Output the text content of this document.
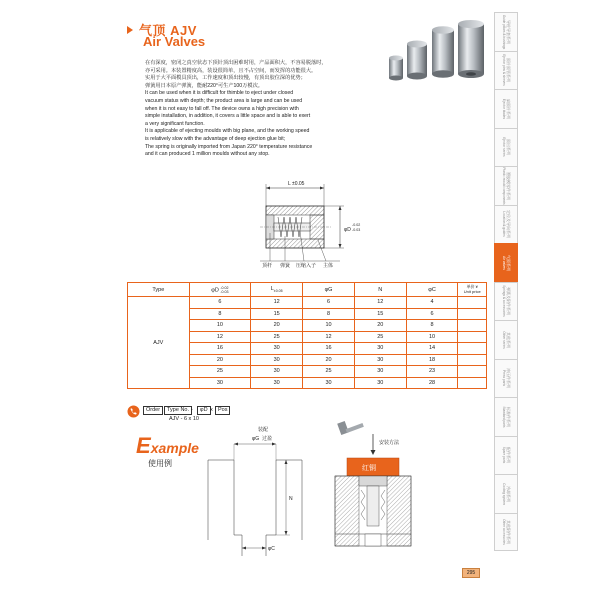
气顶 AJV
Air Valves

在有深度，密闭之真空状态下顶针顶出困难时用，产品面积大，不容易脱落时，
亦可采用。本装置精度高，装设很简单，且不占空间，而发挥的功能很大。
实用于大平面模具顶出，工作速度和顶出较慢，有顶出胶位深的优势；
弹簧用日本原产弹簧，能耐220°可生产100万模次。

It can be used when it is difficult for thimble to eject under closed
vacuum status with depth; the product area is large and can be used
when it is not easy to fall off. The device owns a high precision with
simple installation, in addition, it covers a little space and is able to exert
a very significant function.

It is applicable of ejecting moulds with big plane, and the working speed
is relatively slow with the advantage of deep ejection glue bit;
The spring is originally imported from Japan 220° temperature resistance
and it can produced 1 million moulds without any stop.

导柱导套系列
Guide pillars & bushings
顶针顶管系列
Ejector pins & sleeves
扁顶针系列
Ejector blades
顶出系列
Ejector series
塑胶模零件系列
Plastic mould components
定位及导向系列
Location & guides
气顶系列
Air valves
弹簧及附件系列
Springs & accessories
其他系列
Other series
冲压件系列
Press parts
标准件系列
Standard parts
配件系列
Spare parts
冷却系列
Cooling system
其他附件系列
Other accessories
L ±0.05
φD
-0.02
-0.03
顶杆 弹簧 压缩入子 主体
Type	φD -0.02
-0.03	$L_{\pm 0.05}$	φG	N	φC	单价 ¥
Unit price

AJV	6	12	6	12	4	
	8	15	8	15	6	
	10	20	10	20	8	
	12	25	12	25	10	
	16	30	16	30	14	
	20	30	20	30	18	
	25	30	25	30	23	
	30	30	30	30	28	
Order	Type No. -	φD x Pos
AJV - 6 x 10
Example
使用例
装配
φG 过盈
N
φC
安装方法
红铜
295
